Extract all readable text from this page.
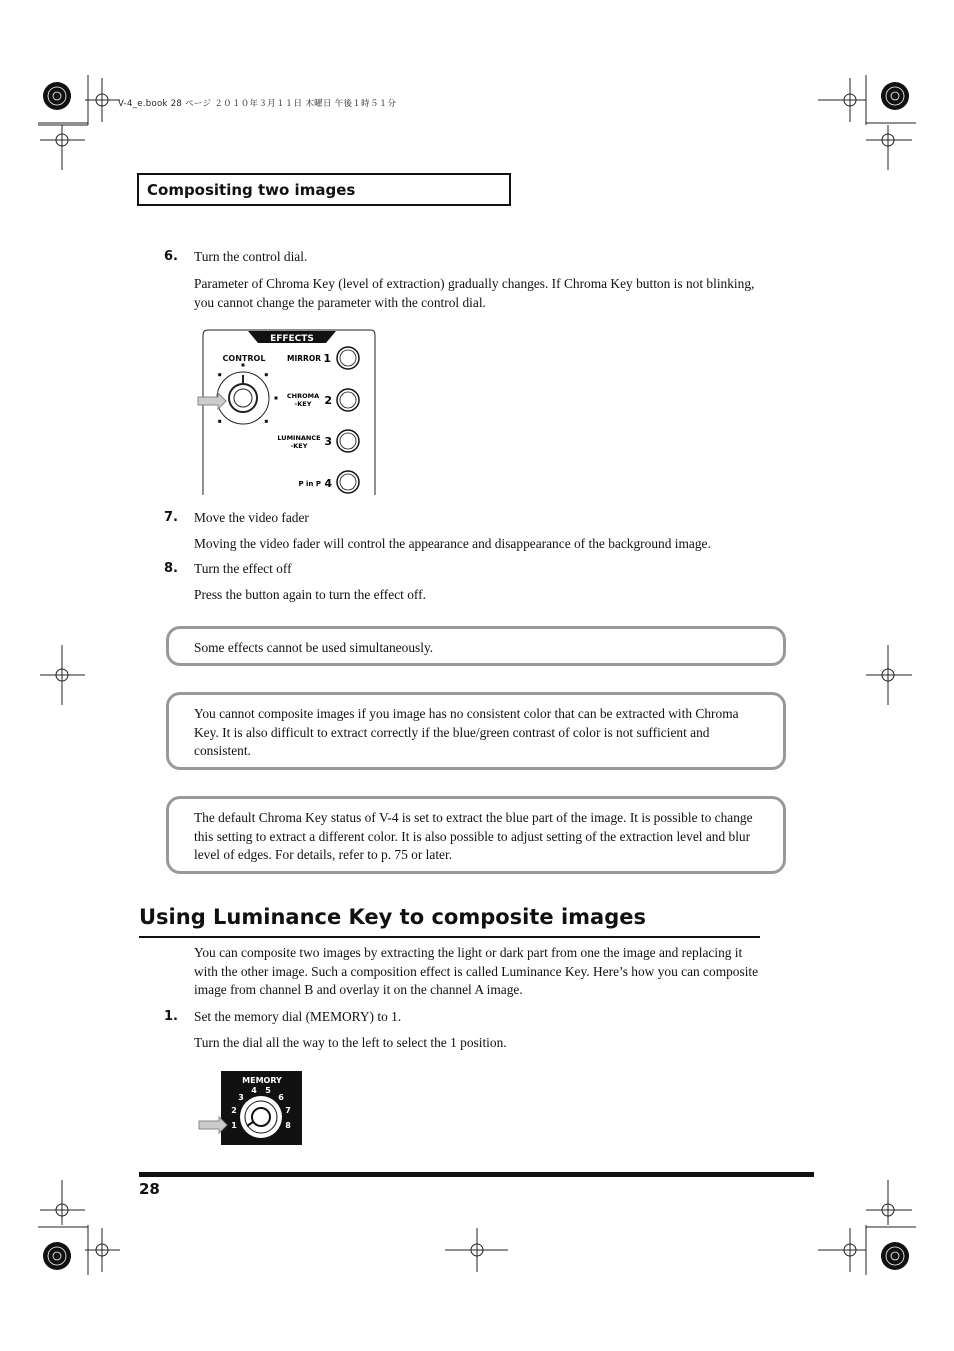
V-4_e.book 28 ページ ２０１０年３月１１日 木曜日 午後１時５１分
Compositing two images
6. Turn the control dial.
Parameter of Chroma Key (level of extraction) gradually changes. If Chroma Key button is not blinking, you cannot change the parameter with the control dial.
EFFECTS
CONTROL	MIRROR 1
CHROMA -KEY	2
LUMINANCE -KEY	3
P in P 4
7. Move the video fader
Moving the video fader will control the appearance and disappearance of the background image.
8. Turn the effect off
Press the button again to turn the effect off.
Some effects cannot be used simultaneously.
You cannot composite images if you image has no consistent color that can be extracted with Chroma Key. It is also difficult to extract correctly if the blue/green contrast of color is not sufficient and consistent.
The default Chroma Key status of V-4 is set to extract the blue part of the image. It is possible to change this setting to extract a different color. It is also possible to adjust setting of the extraction level and blur level of edges. For details, refer to p. 75 or later.
Using Luminance Key to composite images
You can composite two images by extracting the light or dark part from one the image and replacing it with the other image. Such a composition effect is called Luminance Key. Here’s how you can composite image from channel B and overlay it on the channel A image.
1. Set the memory dial (MEMORY) to 1.
Turn the dial all the way to the left to select the 1 position.
MEMORY
1
2
3
4 5
6
7
8
28
